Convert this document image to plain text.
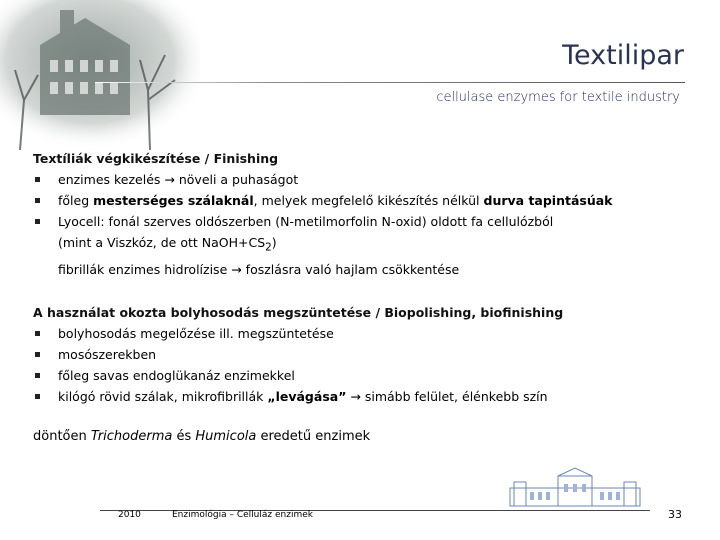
Textilipar
cellulase enzymes for textile industry

Textíliák végkikészítése / Finishing

enzimes kezelés → növeli a puhaságot
főleg mesterséges szálaknál, melyek megfelelő kikészítés nélkül durva tapintásúak
Lyocell: fonál szerves oldószerben (N-metilmorfolin N-oxid) oldott fa cellulózból
(mint a Viszkóz, de ott $NaOH+CS_2$)
fibrillák enzimes hidrolízise → foszlásra való hajlam csökkentése

A használat okozta bolyhosodás megszüntetése / Biopolishing, biofinishing

bolyhosodás megelőzése ill. megszüntetése
mosószerekben
főleg savas endoglükanáz enzimekkel
kilógó rövid szálak, mikrofibrillák „levágása” → simább felület, élénkebb szín

döntően Trichoderma és Humicola eredetű enzimek

2010	Enzimológia – Celluláz enzimek	33
